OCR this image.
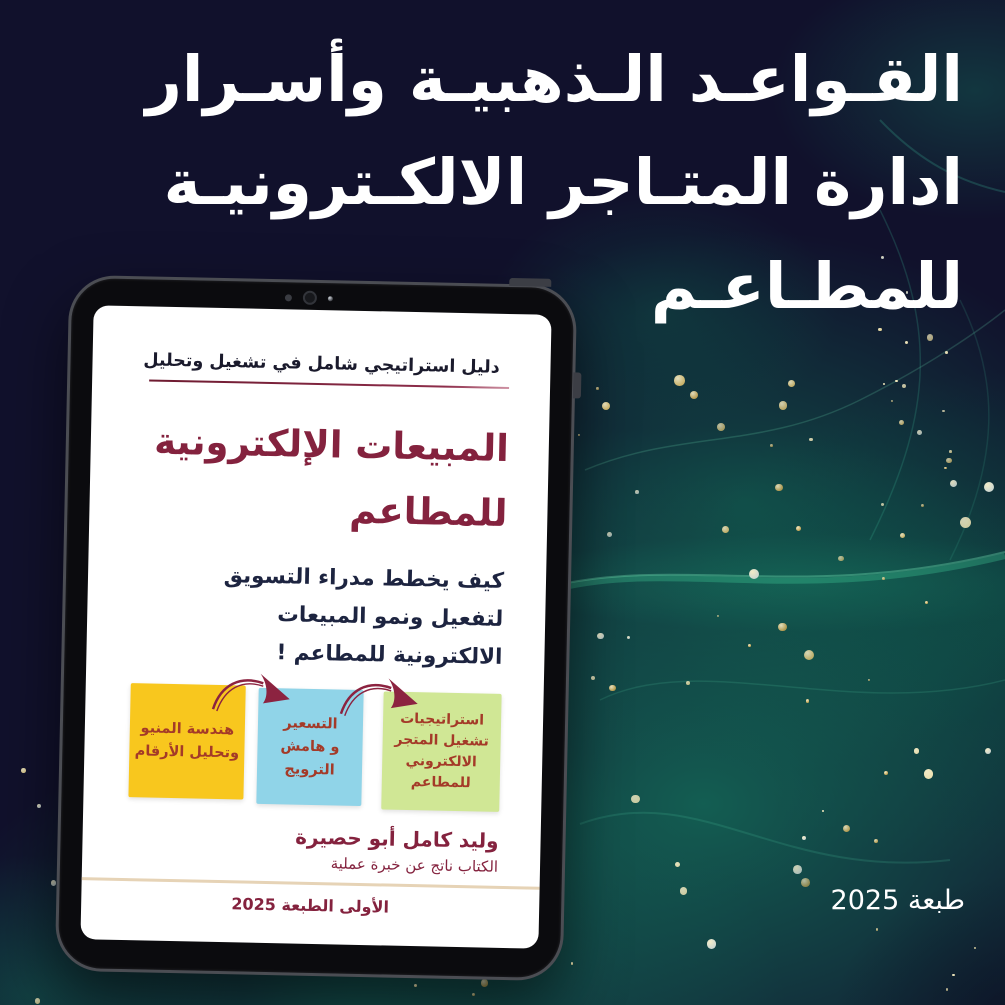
القـواعـد الـذهبيـة وأسـرار
ادارة المتـاجر الالكـترونيـة
للمطـاعـم
دليل استراتيجي شامل في تشغيل وتحليل
المبيعات الإلكترونية
للمطاعم
كيف يخطط مدراء التسويق
لتفعيل ونمو المبيعات
الالكترونية للمطاعم !
هندسة المنيو
وتحليل الأرقام
التسعير
و هامش الترويج
استراتيجيات
تشغيل المتجر
الالكتروني
للمطاعم
وليد كامل أبو حصيرة
الكتاب ناتج عن خبرة عملية
2025 الطبعة الأولى	طبعة 2025
